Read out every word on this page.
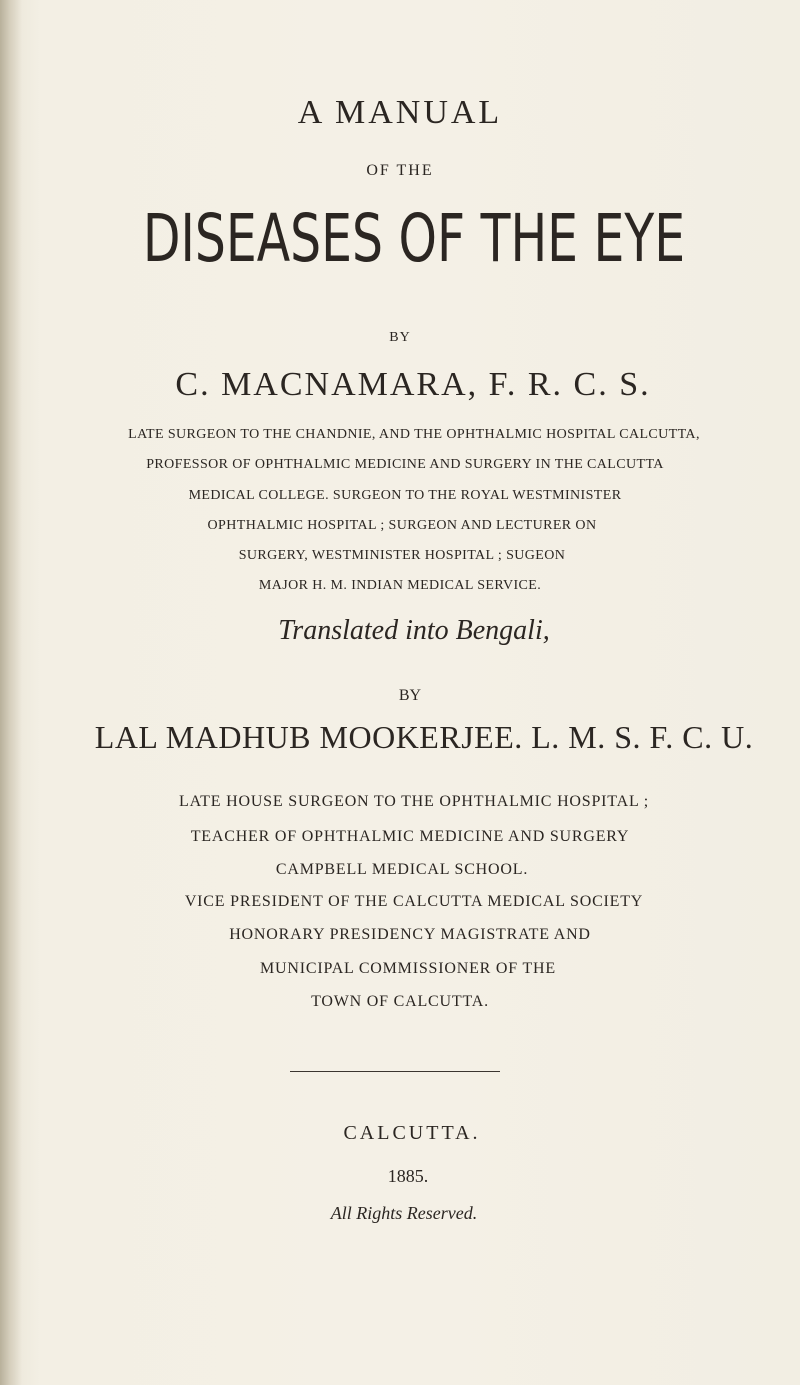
A MANUAL
OF THE
DISEASES OF THE EYE
BY
C. MACNAMARA, F. R. C. S.
LATE SURGEON TO THE CHANDNIE, AND THE OPHTHALMIC HOSPITAL CALCUTTA,
PROFESSOR OF OPHTHALMIC MEDICINE AND SURGERY IN THE CALCUTTA
MEDICAL COLLEGE. SURGEON TO THE ROYAL WESTMINISTER
OPHTHALMIC HOSPITAL ; SURGEON AND LECTURER ON
SURGERY, WESTMINISTER HOSPITAL ; SUGEON
MAJOR H. M. INDIAN MEDICAL SERVICE.
Translated into Bengali,
BY
LAL MADHUB MOOKERJEE. L. M. S. F. C. U.
LATE HOUSE SURGEON TO THE OPHTHALMIC HOSPITAL ;
TEACHER OF OPHTHALMIC MEDICINE AND SURGERY
CAMPBELL MEDICAL SCHOOL.
VICE PRESIDENT OF THE CALCUTTA MEDICAL SOCIETY
HONORARY PRESIDENCY MAGISTRATE AND
MUNICIPAL COMMISSIONER OF THE
TOWN OF CALCUTTA.
CALCUTTA.
1885.
All Rights Reserved.
